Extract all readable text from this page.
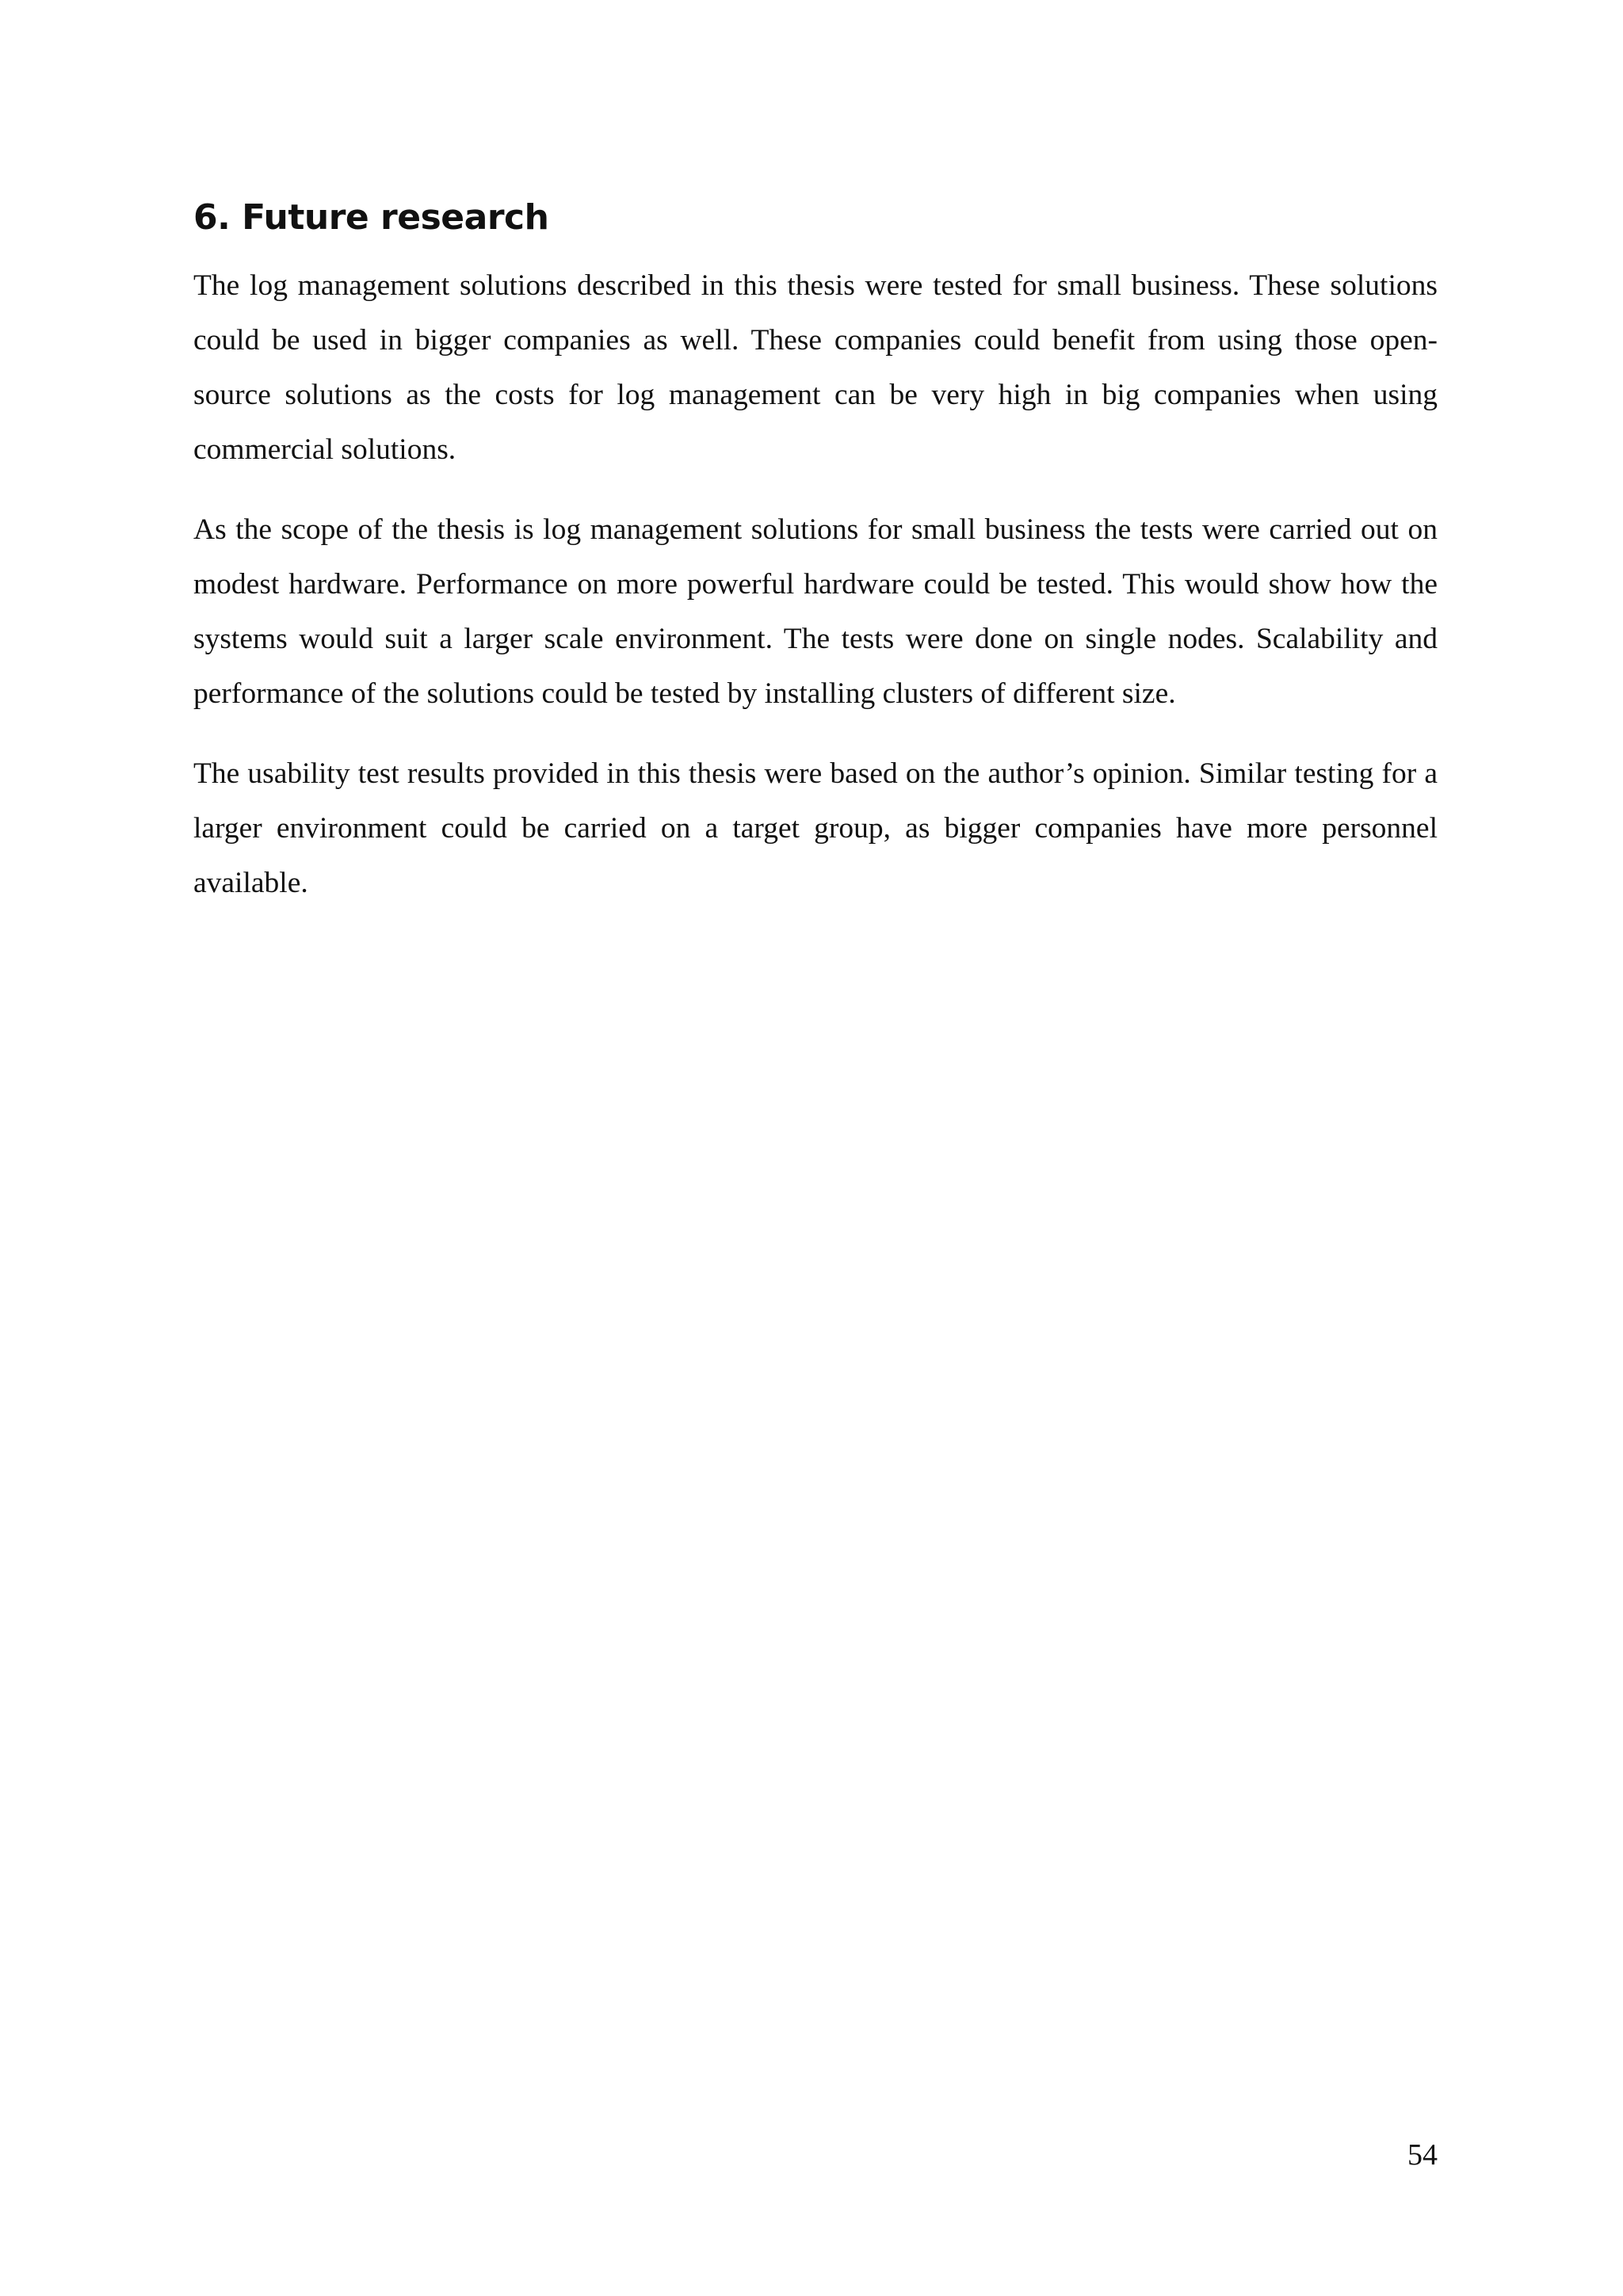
6. Future research

The log management solutions described in this thesis were tested for small business. These solutions could be used in bigger companies as well. These companies could benefit from using those open-source solutions as the costs for log management can be very high in big companies when using commercial solutions.

As the scope of the thesis is log management solutions for small business the tests were carried out on modest hardware. Performance on more powerful hardware could be tested. This would show how the systems would suit a larger scale environment. The tests were done on single nodes. Scalability and performance of the solutions could be tested by installing clusters of different size.

The usability test results provided in this thesis were based on the author’s opinion. Similar testing for a larger environment could be carried on a target group, as bigger companies have more personnel available.

54
